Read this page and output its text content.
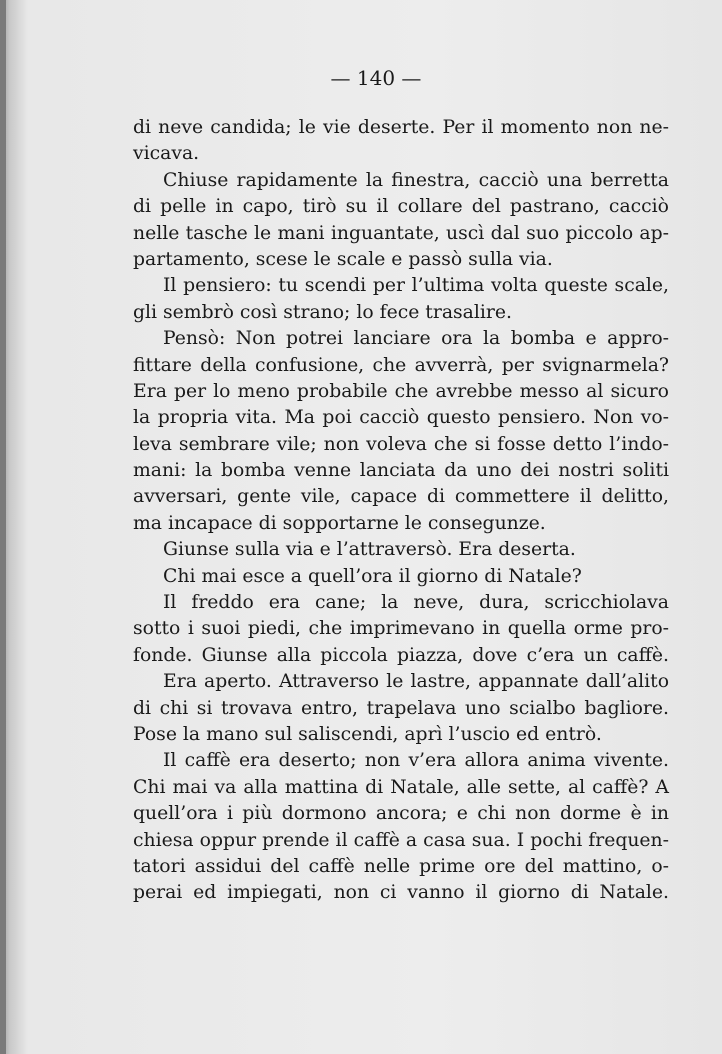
— 140 —
di neve candida; le vie deserte. Per il momento non ne-
vicava.
Chiuse rapidamente la finestra, cacciò una berretta
di pelle in capo, tirò su il collare del pastrano, cacciò
nelle tasche le mani inguantate, uscì dal suo piccolo ap-
partamento, scese le scale e passò sulla via.
Il pensiero: tu scendi per l’ultima volta queste scale,
gli sembrò così strano; lo fece trasalire.
Pensò: Non potrei lanciare ora la bomba e appro-
fittare della confusione, che avverrà, per svignarmela?
Era per lo meno probabile che avrebbe messo al sicuro
la propria vita. Ma poi cacciò questo pensiero. Non vo-
leva sembrare vile; non voleva che si fosse detto l’indo-
mani: la bomba venne lanciata da uno dei nostri soliti
avversari, gente vile, capace di commettere il delitto,
ma incapace di sopportarne le consegunze.
Giunse sulla via e l’attraversò. Era deserta.
Chi mai esce a quell’ora il giorno di Natale?
Il freddo era cane; la neve, dura, scricchiolava
sotto i suoi piedi, che imprimevano in quella orme pro-
fonde. Giunse alla piccola piazza, dove c’era un caffè.
Era aperto. Attraverso le lastre, appannate dall’alito
di chi si trovava entro, trapelava uno scialbo bagliore.
Pose la mano sul saliscendi, aprì l’uscio ed entrò.
Il caffè era deserto; non v’era allora anima vivente.
Chi mai va alla mattina di Natale, alle sette, al caffè? A
quell’ora i più dormono ancora; e chi non dorme è in
chiesa oppur prende il caffè a casa sua. I pochi frequen-
tatori assidui del caffè nelle prime ore del mattino, o-
perai ed impiegati, non ci vanno il giorno di Natale.
